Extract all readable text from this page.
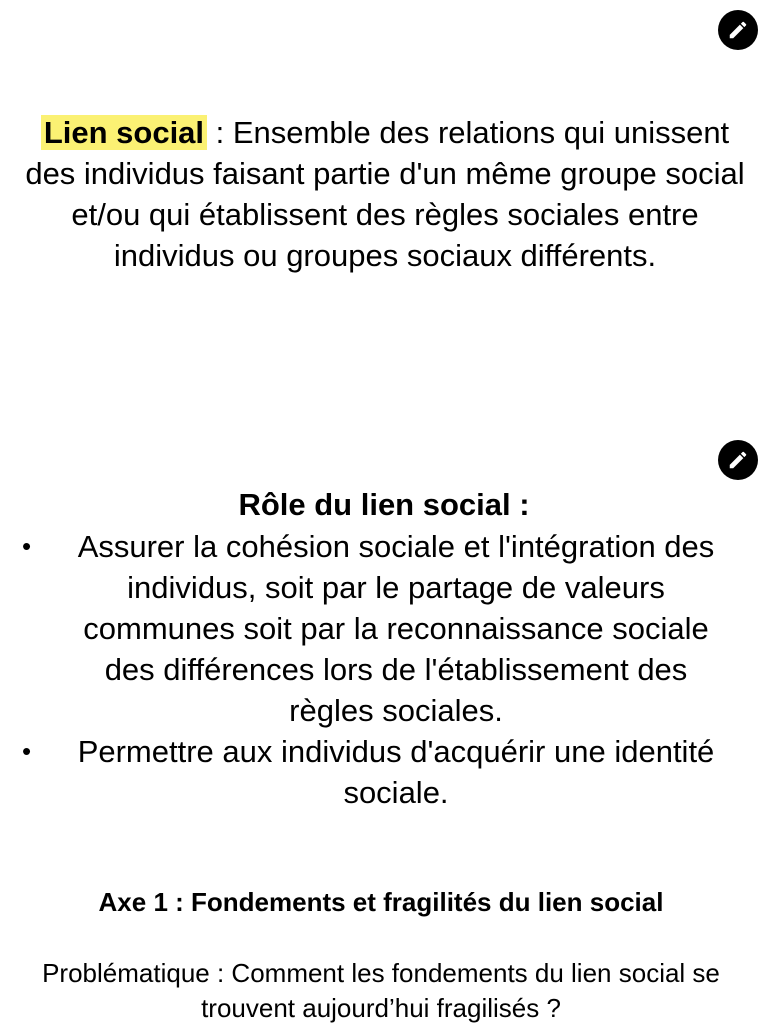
Lien social : Ensemble des relations qui unissent des individus faisant partie d'un même groupe social et/ou qui établissent des règles sociales entre individus ou groupes sociaux différents.
Rôle du lien social :
• Assurer la cohésion sociale et l'intégration des individus, soit par le partage de valeurs communes soit par la reconnaissance sociale des différences lors de l'établissement des règles sociales.
• Permettre aux individus d'acquérir une identité sociale.
Axe 1 : Fondements et fragilités du lien social
Problématique : Comment les fondements du lien social se trouvent aujourd’hui fragilisés ?
